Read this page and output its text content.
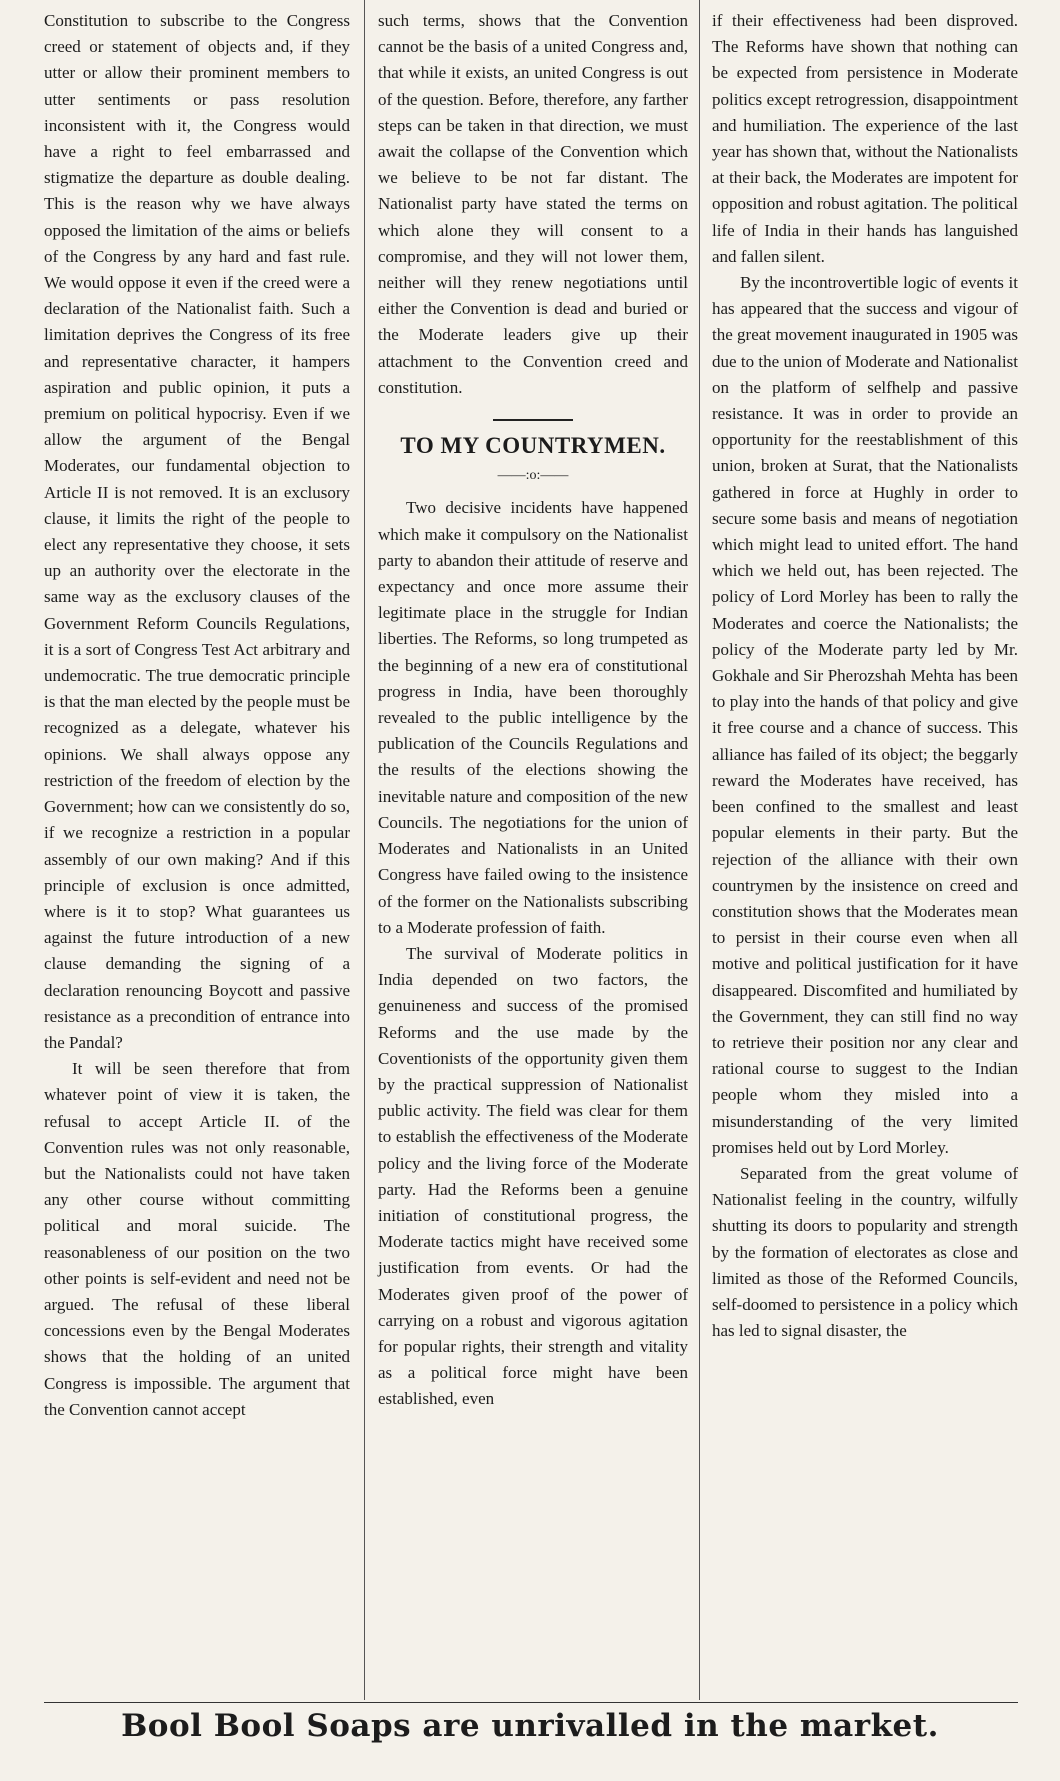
Constitution to subscribe to the Congress creed or statement of objects and, if they utter or allow their prominent members to utter sentiments or pass resolution inconsistent with it, the Congress would have a right to feel embarrassed and stigmatize the departure as double dealing. This is the reason why we have always opposed the limitation of the aims or beliefs of the Congress by any hard and fast rule. We would oppose it even if the creed were a declaration of the Nationalist faith. Such a limitation deprives the Congress of its free and representative character, it hampers aspiration and public opinion, it puts a premium on political hypocrisy. Even if we allow the argument of the Bengal Moderates, our fundamental objection to Article II is not removed. It is an exclusory clause, it limits the right of the people to elect any representative they choose, it sets up an authority over the electorate in the same way as the exclusory clauses of the Government Reform Councils Regulations, it is a sort of Congress Test Act arbitrary and undemocratic. The true democratic principle is that the man elected by the people must be recognized as a delegate, whatever his opinions. We shall always oppose any restriction of the freedom of election by the Government; how can we consistently do so, if we recognize a restriction in a popular assembly of our own making? And if this principle of exclusion is once admitted, where is it to stop? What guarantees us against the future introduction of a new clause demanding the signing of a declaration renouncing Boycott and passive resistance as a precondition of entrance into the Pandal?

It will be seen therefore that from whatever point of view it is taken, the refusal to accept Article II. of the Convention rules was not only reasonable, but the Nationalists could not have taken any other course without committing political and moral suicide. The reasonableness of our position on the two other points is self-evident and need not be argued. The refusal of these liberal concessions even by the Bengal Moderates shows that the holding of an united Congress is impossible. The argument that the Convention cannot accept

such terms, shows that the Convention cannot be the basis of a united Congress and, that while it exists, an united Congress is out of the question. Before, therefore, any farther steps can be taken in that direction, we must await the collapse of the Convention which we believe to be not far distant. The Nationalist party have stated the terms on which alone they will consent to a compromise, and they will not lower them, neither will they renew negotiations until either the Convention is dead and buried or the Moderate leaders give up their attachment to the Convention creed and constitution.

TO MY COUNTRYMEN.
——:o:——

Two decisive incidents have happened which make it compulsory on the Nationalist party to abandon their attitude of reserve and expectancy and once more assume their legitimate place in the struggle for Indian liberties. The Reforms, so long trumpeted as the beginning of a new era of constitutional progress in India, have been thoroughly revealed to the public intelligence by the publication of the Councils Regulations and the results of the elections showing the inevitable nature and composition of the new Councils. The negotiations for the union of Moderates and Nationalists in an United Congress have failed owing to the insistence of the former on the Nationalists subscribing to a Moderate profession of faith.

The survival of Moderate politics in India depended on two factors, the genuineness and success of the promised Reforms and the use made by the Coventionists of the opportunity given them by the practical suppression of Nationalist public activity. The field was clear for them to establish the effectiveness of the Moderate policy and the living force of the Moderate party. Had the Reforms been a genuine initiation of constitutional progress, the Moderate tactics might have received some justification from events. Or had the Moderates given proof of the power of carrying on a robust and vigorous agitation for popular rights, their strength and vitality as a political force might have been established, even

if their effectiveness had been disproved. The Reforms have shown that nothing can be expected from persistence in Moderate politics except retrogression, disappointment and humiliation. The experience of the last year has shown that, without the Nationalists at their back, the Moderates are impotent for opposition and robust agitation. The political life of India in their hands has languished and fallen silent.

By the incontrovertible logic of events it has appeared that the success and vigour of the great movement inaugurated in 1905 was due to the union of Moderate and Nationalist on the platform of selfhelp and passive resistance. It was in order to provide an opportunity for the reestablishment of this union, broken at Surat, that the Nationalists gathered in force at Hughly in order to secure some basis and means of negotiation which might lead to united effort. The hand which we held out, has been rejected. The policy of Lord Morley has been to rally the Moderates and coerce the Nationalists; the policy of the Moderate party led by Mr. Gokhale and Sir Pherozshah Mehta has been to play into the hands of that policy and give it free course and a chance of success. This alliance has failed of its object; the beggarly reward the Moderates have received, has been confined to the smallest and least popular elements in their party. But the rejection of the alliance with their own countrymen by the insistence on creed and constitution shows that the Moderates mean to persist in their course even when all motive and political justification for it have disappeared. Discomfited and humiliated by the Government, they can still find no way to retrieve their position nor any clear and rational course to suggest to the Indian people whom they misled into a misunderstanding of the very limited promises held out by Lord Morley.

Separated from the great volume of Nationalist feeling in the country, wilfully shutting its doors to popularity and strength by the formation of electorates as close and limited as those of the Reformed Councils, self-doomed to persistence in a policy which has led to signal disaster, the

Bool Bool Soaps are unrivalled in the market.
